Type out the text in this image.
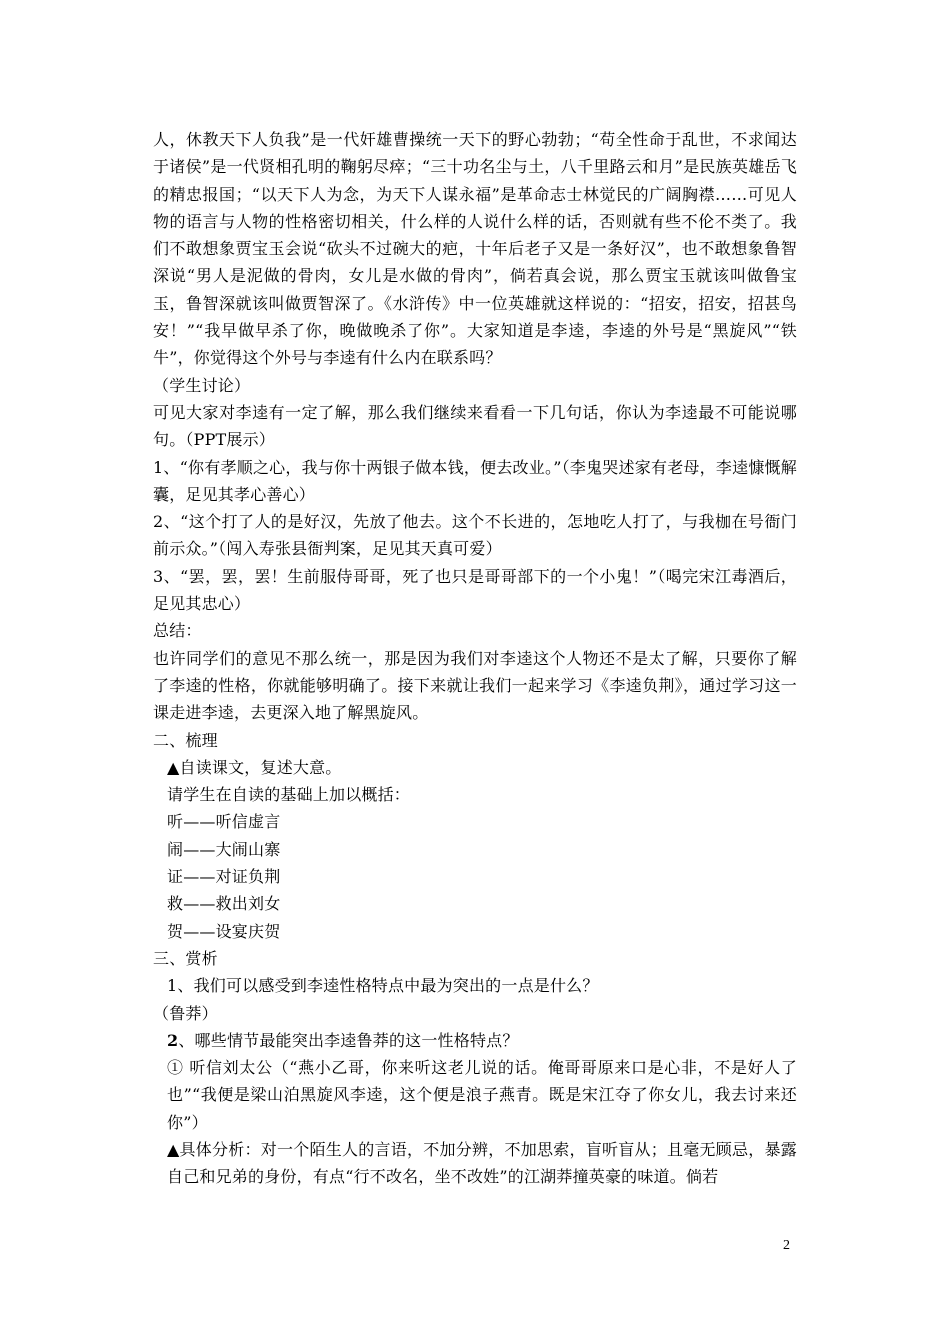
人，休教天下人负我”是一代奸雄曹操统一天下的野心勃勃；“苟全性命于乱世，不求闻达于诸侯”是一代贤相孔明的鞠躬尽瘁；“三十功名尘与土，八千里路云和月”是民族英雄岳飞的精忠报国；“以天下人为念，为天下人谋永福”是革命志士林觉民的广阔胸襟……可见人物的语言与人物的性格密切相关，什么样的人说什么样的话，否则就有些不伦不类了。我们不敢想象贾宝玉会说“砍头不过碗大的疤，十年后老子又是一条好汉”，也不敢想象鲁智深说“男人是泥做的骨肉，女儿是水做的骨肉”，倘若真会说，那么贾宝玉就该叫做鲁宝玉，鲁智深就该叫做贾智深了。《水浒传》中一位英雄就这样说的：“招安，招安，招甚鸟安！”“我早做早杀了你，晚做晚杀了你”。大家知道是李逵，李逵的外号是“黑旋风”“铁牛”，你觉得这个外号与李逵有什么内在联系吗？

（学生讨论）

可见大家对李逵有一定了解，那么我们继续来看看一下几句话，你认为李逵最不可能说哪句。（PPT展示）

1、“你有孝顺之心，我与你十两银子做本钱，便去改业。”（李鬼哭述家有老母，李逵慷慨解囊，足见其孝心善心）

2、“这个打了人的是好汉，先放了他去。这个不长进的，怎地吃人打了，与我枷在号衙门前示众。”（闯入寿张县衙判案，足见其天真可爱）

3、“罢，罢，罢！生前服侍哥哥，死了也只是哥哥部下的一个小鬼！”（喝完宋江毒酒后，足见其忠心）

总结：

也许同学们的意见不那么统一，那是因为我们对李逵这个人物还不是太了解，只要你了解了李逵的性格，你就能够明确了。接下来就让我们一起来学习《李逵负荆》，通过学习这一课走进李逵，去更深入地了解黑旋风。

二、梳理

▲自读课文，复述大意。

请学生在自读的基础上加以概括：

听——听信虚言

闹——大闹山寨

证——对证负荆

救——救出刘女

贺——设宴庆贺

三、赏析

1、我们可以感受到李逵性格特点中最为突出的一点是什么？

（鲁莽）

2、哪些情节最能突出李逵鲁莽的这一性格特点？

① 听信刘太公（“燕小乙哥，你来听这老儿说的话。俺哥哥原来口是心非，不是好人了也”“我便是梁山泊黑旋风李逵，这个便是浪子燕青。既是宋江夺了你女儿，我去讨来还你”）

▲具体分析：对一个陌生人的言语，不加分辨，不加思索，盲听盲从；且毫无顾忌，暴露自己和兄弟的身份，有点“行不改名，坐不改姓”的江湖莽撞英豪的味道。倘若

2
